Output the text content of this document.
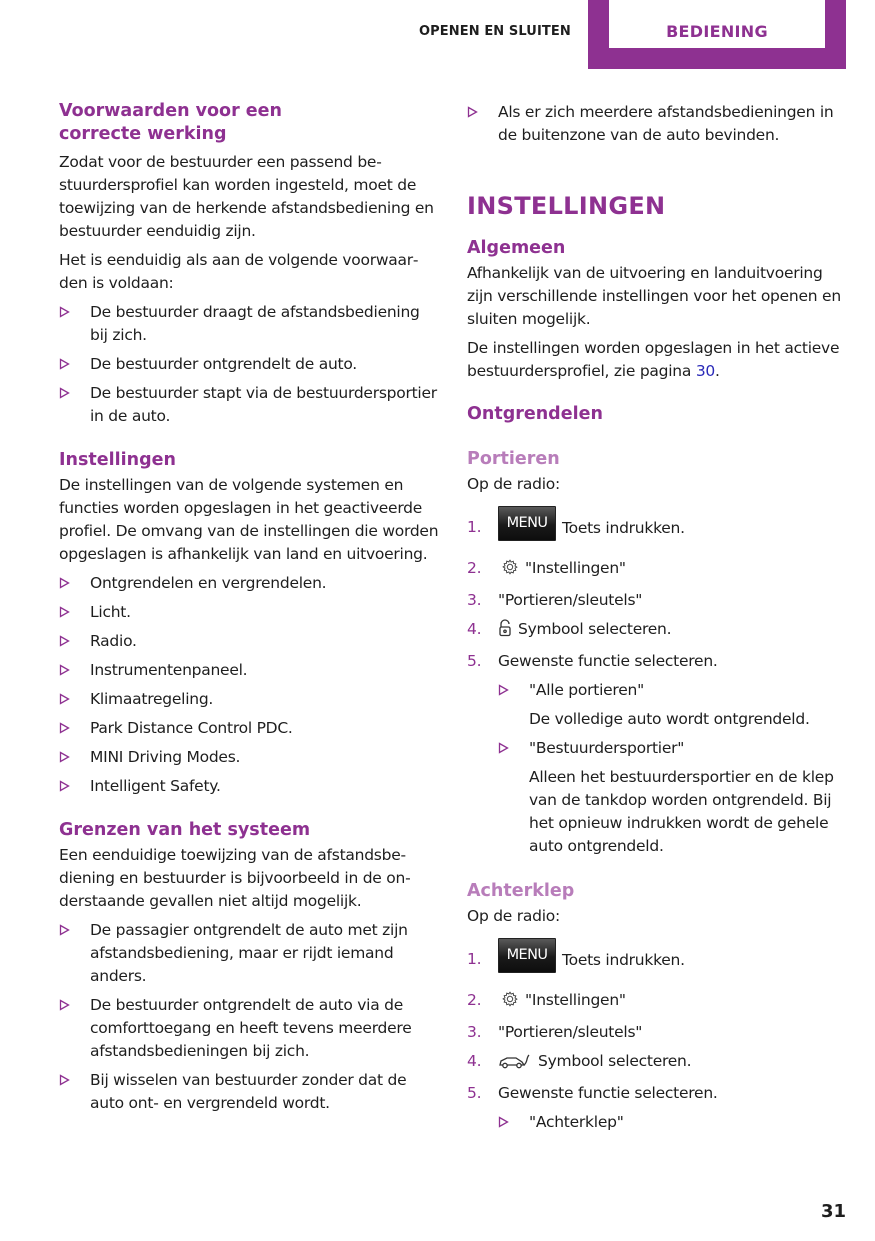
OPENEN EN SLUITEN	BEDIENING
Voorwaarden voor een correcte werking

Zodat voor de bestuurder een passend bestuurdersprofiel kan worden ingesteld, moet de toewijzing van de herkende afstandsbediening en bestuurder eenduidig zijn.

Het is eenduidig als aan de volgende voorwaarden is voldaan:

De bestuurder draagt de afstandsbediening bij zich.
De bestuurder ontgrendelt de auto.
De bestuurder stapt via de bestuurdersportier in de auto.
Instellingen

De instellingen van de volgende systemen en functies worden opgeslagen in het geactiveerde profiel. De omvang van de instellingen die worden opgeslagen is afhankelijk van land en uitvoering.

Ontgrendelen en vergrendelen.
Licht.
Radio.
Instrumentenpaneel.
Klimaatregeling.
Park Distance Control PDC.
MINI Driving Modes.
Intelligent Safety.
Grenzen van het systeem

Een eenduidige toewijzing van de afstandsbediening en bestuurder is bijvoorbeeld in de onderstaande gevallen niet altijd mogelijk.

De passagier ontgrendelt de auto met zijn afstandsbediening, maar er rijdt iemand anders.
De bestuurder ontgrendelt de auto via de comforttoegang en heeft tevens meerdere afstandsbedieningen bij zich.
Bij wisselen van bestuurder zonder dat de auto ont- en vergrendeld wordt.
Als er zich meerdere afstandsbedieningen in de buitenzone van de auto bevinden.
INSTELLINGEN
Algemeen

Afhankelijk van de uitvoering en landuitvoering zijn verschillende instellingen voor het openen en sluiten mogelijk.

De instellingen worden opgeslagen in het actieve bestuurdersprofiel, zie pagina 30.

Ontgrendelen
Portieren

Op de radio:

1. MENU Toets indrukken.
2.	"Instellingen"
3. "Portieren/sleutels"
4. Symbool selecteren.
5. Gewenste functie selecteren.
"Alle portieren"
De volledige auto wordt ontgrendeld.
"Bestuurdersportier"
Alleen het bestuurdersportier en de klep van de tankdop worden ontgrendeld. Bij het opnieuw indrukken wordt de gehele auto ontgrendeld.
Achterklep

Op de radio:

1. MENU Toets indrukken.
2.	"Instellingen"
3. "Portieren/sleutels"
4.	Symbool selecteren.
5. Gewenste functie selecteren.
"Achterklep"
31
